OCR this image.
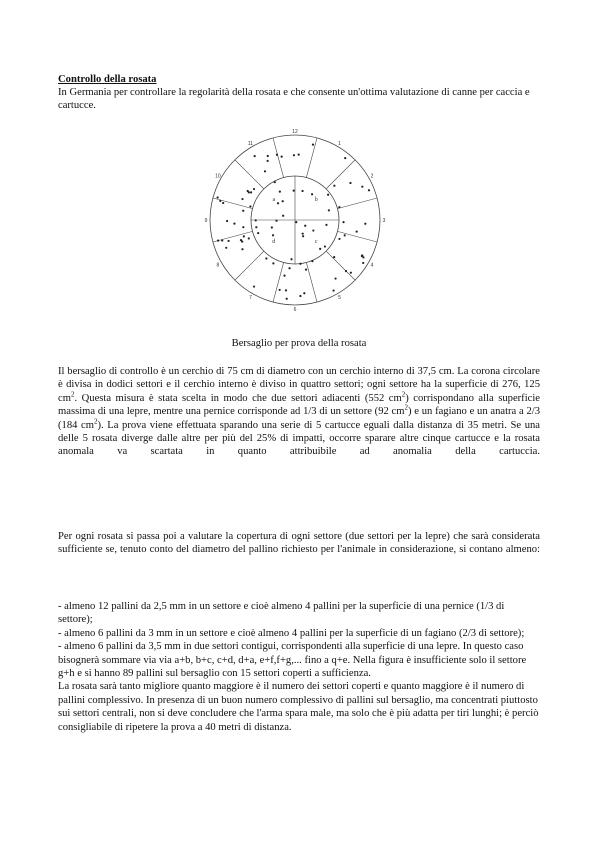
Controllo della rosata
In Germania per controllare la regolarità della rosata e che consente un'ottima valutazione di canne per caccia e cartucce.
1
2
3
4
5
6
7
8
9
10
11
12
a	b
c
d
Bersaglio per prova della rosata

Il bersaglio di controllo è un cerchio di 75 cm di diametro con un cerchio interno di 37,5 cm. La corona circolare è divisa in dodici settori e il cerchio interno è diviso in quattro settori; ogni settore ha la superficie di 276, 125 $cm^2$. Questa misura è stata scelta in modo che due settori adiacenti (552 $cm^2$) corrispondano alla superficie massima di una lepre, mentre una pernice corrisponde ad 1/3 di un settore (92 $cm^2$) e un fagiano e un anatra a 2/3 (184 $cm^2$). La prova viene effettuata sparando una serie di 5 cartucce eguali dalla distanza di 35 metri. Se una delle 5 rosata diverge dalle altre per più del 25% di impatti, occorre sparare altre cinque cartucce e la rosata anomala va scartata in quanto attribuibile ad anomalia della cartuccia.

Per ogni rosata si passa poi a valutare la copertura di ogni settore (due settori per la lepre) che sarà considerata sufficiente se, tenuto conto del diametro del pallino richiesto per l'animale in considerazione, si contano almeno:

- almeno 12 pallini da 2,5 mm in un settore e cioè almeno 4 pallini per la superficie di una pernice (1/3 di settore);

- almeno 6 pallini da 3 mm in un settore e cioè almeno 4 pallini per la superficie di un fagiano (2/3 di settore);

- almeno 6 pallini da 3,5 mm in due settori contigui, corrispondenti alla superficie di una lepre. In questo caso bisognerà sommare via via a+b, b+c, c+d, d+a, e+f,f+g,... fino a q+e. Nella figura è insufficiente solo il settore g+h e si hanno 89 pallini sul bersaglio con 15 settori coperti a sufficienza.

La rosata sarà tanto migliore quanto maggiore è il numero dei settori coperti e quanto maggiore è il numero di pallini complessivo. In presenza di un buon numero complessivo di pallini sul bersaglio, ma concentrati piuttosto sui settori centrali, non si deve concludere che l'arma spara male, ma solo che è più adatta per tiri lunghi; è perciò consigliabile di ripetere la prova a 40 metri di distanza.
